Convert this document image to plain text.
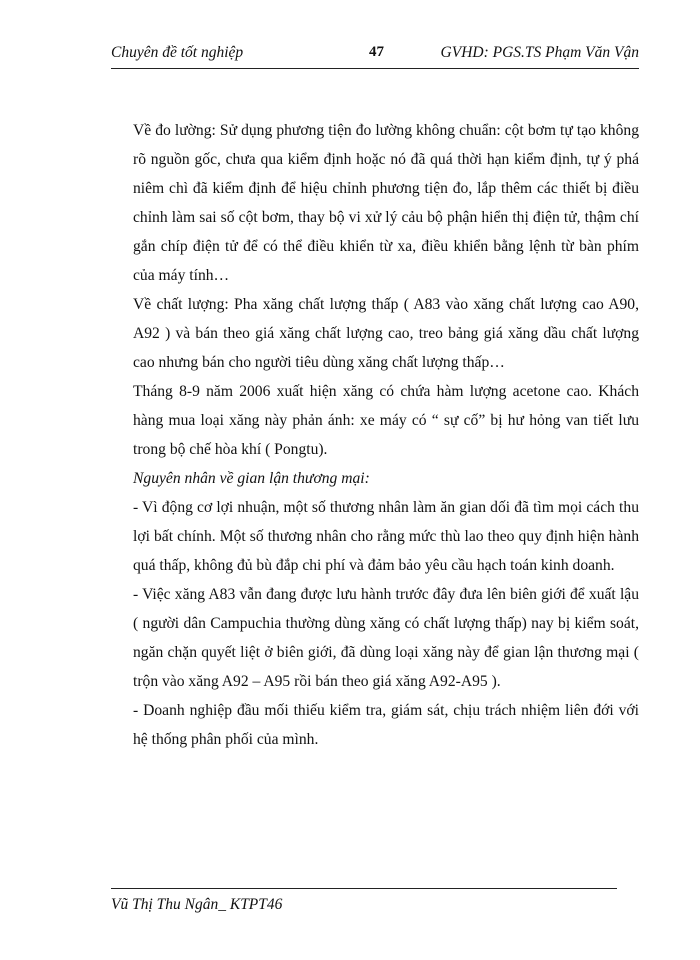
Chuyên đề tốt nghiệp	47	GVHD: PGS.TS Phạm Văn Vận

Về đo lường: Sử dụng phương tiện đo lường không chuẩn: cột bơm tự tạo không rõ nguồn gốc, chưa qua kiểm định hoặc nó đã quá thời hạn kiểm định, tự ý phá niêm chì đã kiểm định để hiệu chỉnh phương tiện đo, lắp thêm các thiết bị điều chỉnh làm sai số cột bơm, thay bộ vi xử lý cảu bộ phận hiển thị điện tử, thậm chí gắn chíp điện tử để có thể điều khiển từ xa, điều khiển bằng lệnh từ bàn phím của máy tính…

Về chất lượng: Pha xăng chất lượng thấp ( A83 vào xăng chất lượng cao A90, A92 ) và bán theo giá xăng chất lượng cao, treo bảng giá xăng dầu chất lượng cao nhưng bán cho người tiêu dùng xăng chất lượng thấp…

Tháng 8-9 năm 2006 xuất hiện xăng có chứa hàm lượng acetone cao. Khách hàng mua loại xăng này phản ánh: xe máy có “ sự cố” bị hư hỏng van tiết lưu trong bộ chế hòa khí ( Pongtu).

Nguyên nhân về gian lận thương mại:

- Vì động cơ lợi nhuận, một số thương nhân làm ăn gian dối đã tìm mọi cách thu lợi bất chính. Một số thương nhân cho rằng mức thù lao theo quy định hiện hành quá thấp, không đủ bù đắp chi phí và đảm bảo yêu cầu hạch toán kinh doanh.

- Việc xăng A83 vẫn đang được lưu hành trước đây đưa lên biên giới để xuất lậu ( người dân Campuchia thường dùng xăng có chất lượng thấp) nay bị kiểm soát, ngăn chặn quyết liệt ở biên giới, đã dùng loại xăng này để gian lận thương mại ( trộn vào xăng A92 – A95 rồi bán theo giá xăng A92-A95 ).

- Doanh nghiệp đầu mối thiếu kiểm tra, giám sát, chịu trách nhiệm liên đới với hệ thống phân phối của mình.

Vũ Thị Thu Ngân_ KTPT46
